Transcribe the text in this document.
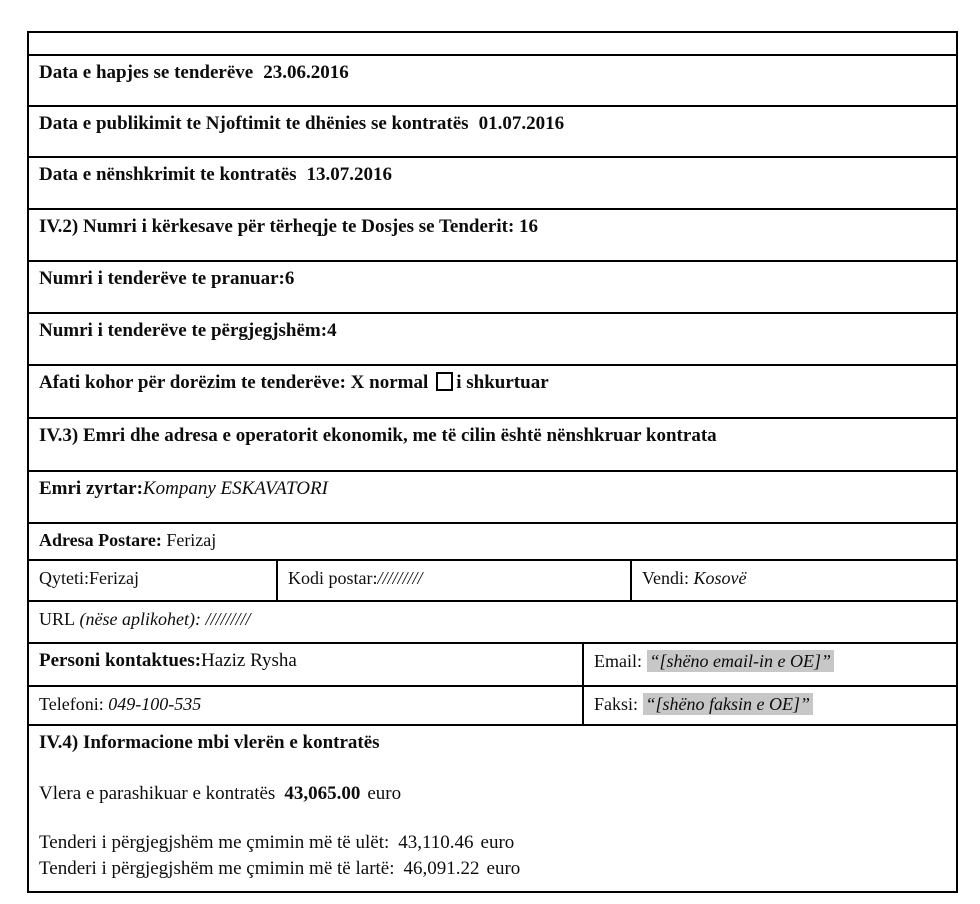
Data e hapjes se tenderëve 23.06.2016
Data e publikimit te Njoftimit te dhënies se kontratës 01.07.2016
Data e nënshkrimit te kontratës 13.07.2016
IV.2) Numri i kërkesave për tërheqje te Dosjes se Tenderit: 16
Numri i tenderëve te pranuar:6
Numri i tenderëve te përgjegjshëm:4
Afati kohor për dorëzim te tenderëve: X normal i shkurtuar
IV.3) Emri dhe adresa e operatorit ekonomik, me të cilin është nënshkruar kontrata
Emri zyrtar:Kompany ESKAVATORI
Adresa Postare: Ferizaj
Qyteti:Ferizaj	Kodi postar://///////	Vendi: Kosovë
URL (nëse aplikohet): /////////
Personi kontaktues:Haziz Rysha	Email: “[shëno email-in e OE]”
Telefoni: 049-100-535	Faksi: “[shëno faksin e OE]”
IV.4) Informacione mbi vlerën e kontratës
Vlera e parashikuar e kontratës 43,065.00 euro
Tenderi i përgjegjshëm me çmimin më të ulët: 43,110.46 euro
Tenderi i përgjegjshëm me çmimin më të lartë: 46,091.22 euro
